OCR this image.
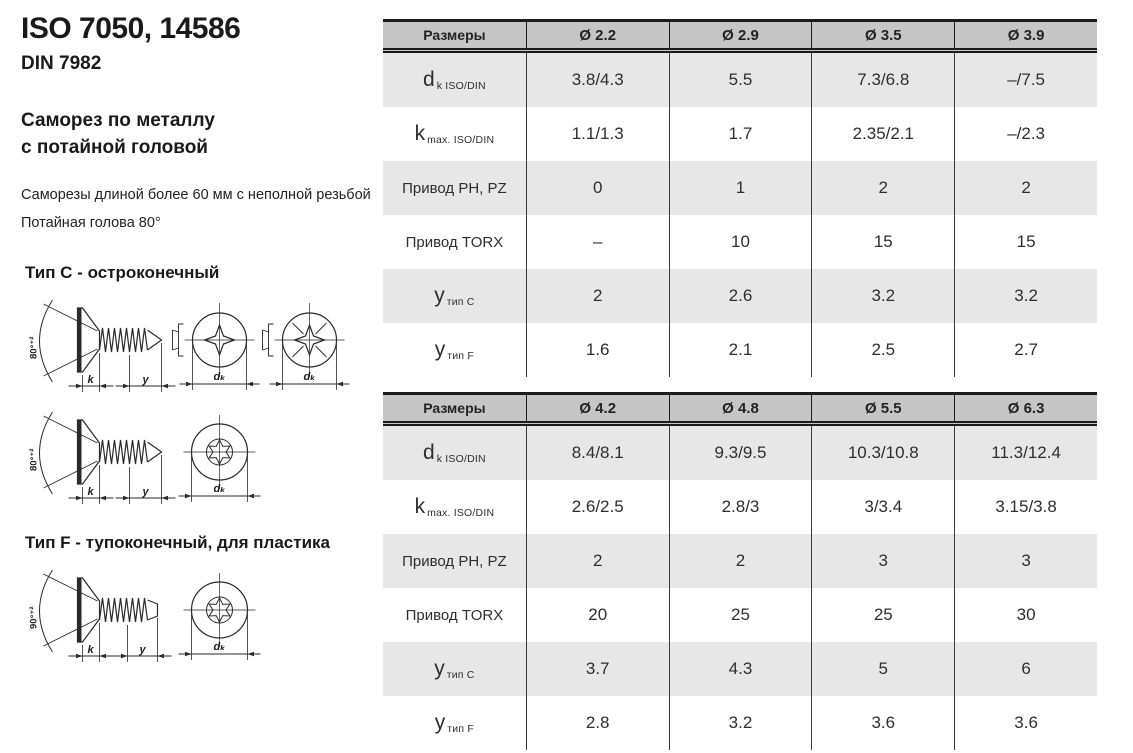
ISO 7050, 14586
DIN 7982
Саморез по металлу
с потайной головой

Саморезы длиной более 60 мм с неполной резьбой
Потайная голова 80°

Тип C - остроконечный
80°⁺²
k	y	dₖ	dₖ
80°⁺²
k	y	dₖ
Тип F - тупоконечный, для пластика
90°⁺²
k	y	dₖ
Размеры	Ø 2.2	Ø 2.9	Ø 3.5	Ø 3.9
d k ISO/DIN	3.8/4.3	5.5	7.3/6.8	–/7.5
k max. ISO/DIN	1.1/1.3	1.7	2.35/2.1	–/2.3
Привод PH, PZ	0	1	2	2
Привод TORX	–	10	15	15
y тип C	2	2.6	3.2	3.2
y тип F	1.6	2.1	2.5	2.7
Размеры	Ø 4.2	Ø 4.8	Ø 5.5	Ø 6.3
d k ISO/DIN	8.4/8.1	9.3/9.5	10.3/10.8	11.3/12.4
k max. ISO/DIN	2.6/2.5	2.8/3	3/3.4	3.15/3.8
Привод PH, PZ	2	2	3	3
Привод TORX	20	25	25	30
y тип C	3.7	4.3	5	6
y тип F	2.8	3.2	3.6	3.6
